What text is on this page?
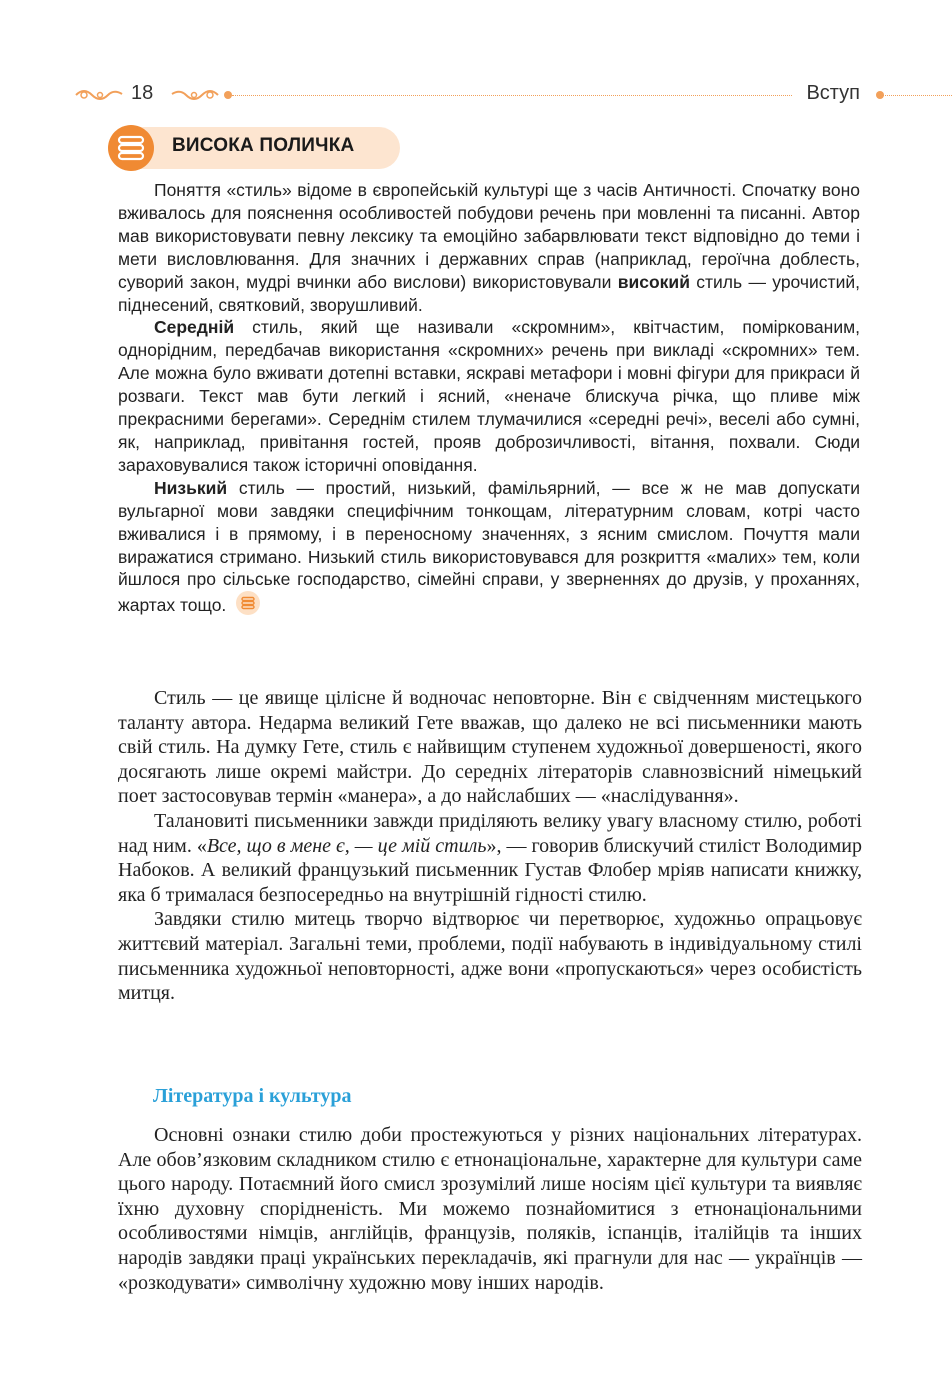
18	Вступ
ВИСОКА ПОЛИЧКА

Поняття «стиль» відоме в європейській культурі ще з часів Античності. Спочатку воно вживалось для пояснення особливостей побудови речень при мовленні та писанні. Автор мав використовувати певну лексику та емоційно забарвлювати текст відповідно до теми і мети висловлювання. Для значних і державних справ (наприклад, героїчна доблесть, суворий закон, мудрі вчинки або вислови) використовували високий стиль — урочистий, піднесений, святковий, зворушливий.

Середній стиль, який ще називали «скромним», квітчастим, поміркованим, однорідним, передбачав використання «скромних» речень при викладі «скромних» тем. Але можна було вживати дотепні вставки, яскраві метафори і мовні фігури для прикраси й розваги. Текст мав бути легкий і ясний, «неначе блискуча річка, що пливе між прекрасними берегами». Середнім стилем тлумачилися «середні речі», веселі або сумні, як, наприклад, привітання гостей, прояв доброзичливості, вітання, похвали. Сюди зараховувалися також історичні оповідання.

Низький стиль — простий, низький, фамільярний, — все ж не мав допускати вульгарної мови завдяки специфічним тонкощам, літературним словам, котрі часто вживалися і в прямому, і в переносному значеннях, з ясним смислом. Почуття мали виражатися стримано. Низький стиль використовувався для розкриття «малих» тем, коли йшлося про сільське господарство, сімейні справи, у зверненнях до друзів, у проханнях, жартах тощо.

Стиль — це явище цілісне й водночас неповторне. Він є свідченням мистецького таланту автора. Недарма великий Гете вважав, що далеко не всі письменники мають свій стиль. На думку Гете, стиль є найвищим ступенем художньої довершеності, якого досягають лише окремі майстри. До середніх літераторів славнозвісний німецький поет застосовував термін «манера», а до найслабших — «наслідування».

Талановиті письменники завжди приділяють велику увагу власному стилю, роботі над ним. «Все, що в мене є, — це мій стиль», — говорив блискучий стиліст Володимир Набоков. А великий французький письменник Густав Флобер мріяв написати книжку, яка б трималася безпосередньо на внутрішній гідності стилю.

Завдяки стилю митець творчо відтворює чи перетворює, художньо опрацьовує життєвий матеріал. Загальні теми, проблеми, події набувають в індивідуальному стилі письменника художньої неповторності, адже вони «пропускаються» через особистість митця.

Література і культура

Основні ознаки стилю доби простежуються у різних національних літературах. Але обов’язковим складником стилю є етнонаціональне, характерне для культури саме цього народу. Потаємний його смисл зрозумілий лише носіям цієї культури та виявляє їхню духовну спорідненість. Ми можемо познайомитися з етнонаціональними особливостями німців, англійців, французів, поляків, іспанців, італійців та інших народів завдяки праці українських перекладачів, які прагнули для нас — українців — «розкодувати» символічну художню мову інших народів.
